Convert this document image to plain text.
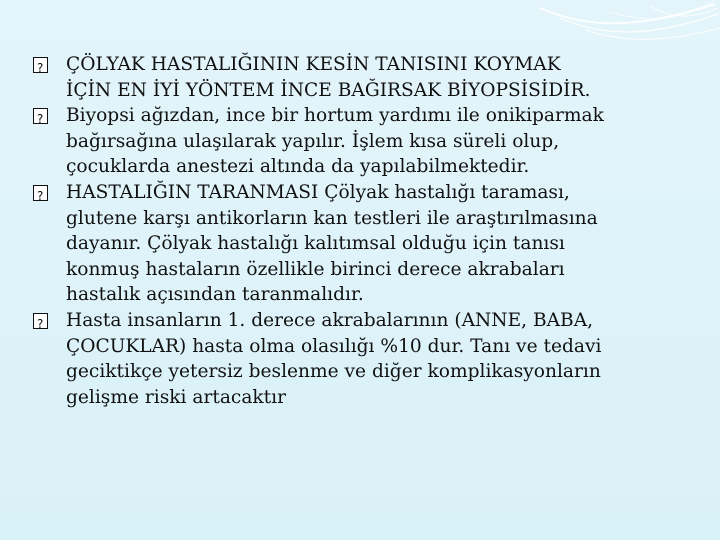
?
ÇÖLYAK HASTALIĞININ KESİN TANISINI KOYMAK
İÇİN EN İYİ YÖNTEM İNCE BAĞIRSAK BİYOPSİSİDİR.

?
Biyopsi ağızdan, ince bir hortum yardımı ile onikiparmak
bağırsağına ulaşılarak yapılır. İşlem kısa süreli olup,
çocuklarda anestezi altında da yapılabilmektedir.

?
HASTALIĞIN TARANMASI Çölyak hastalığı taraması,
glutene karşı antikorların kan testleri ile araştırılmasına
dayanır. Çölyak hastalığı kalıtımsal olduğu için tanısı
konmuş hastaların özellikle birinci derece akrabaları
hastalık açısından taranmalıdır.

?
Hasta insanların 1. derece akrabalarının (ANNE, BABA,
ÇOCUKLAR) hasta olma olasılığı %10 dur. Tanı ve tedavi
geciktikçe yetersiz beslenme ve diğer komplikasyonların
gelişme riski artacaktır
